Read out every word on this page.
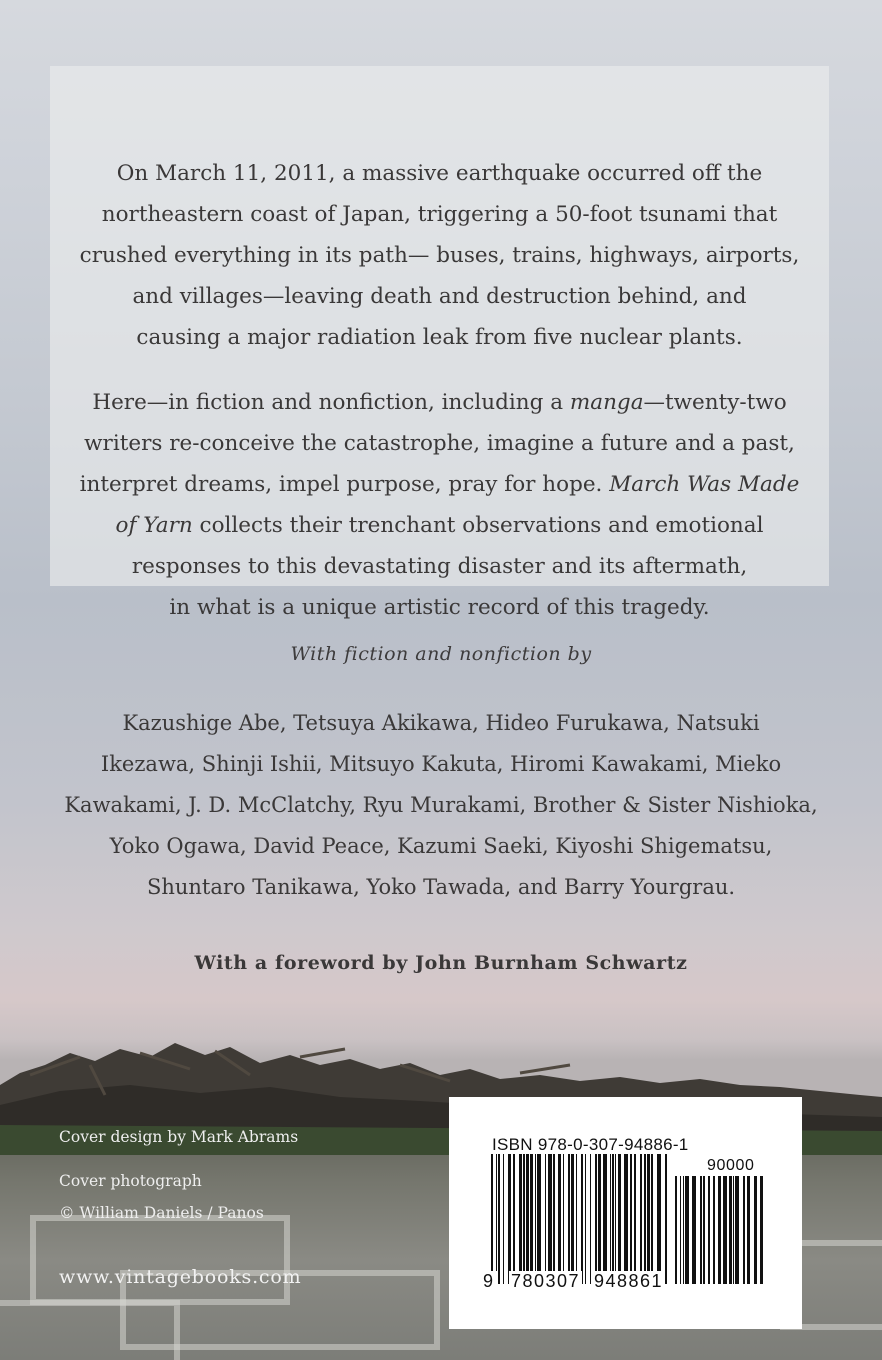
On March 11, 2011, a massive earthquake occurred off the
northeastern coast of Japan, triggering a 50-foot tsunami that
crushed everything in its path— buses, trains, highways, airports,
and villages—leaving death and destruction behind, and
causing a major radiation leak from five nuclear plants.
Here—in fiction and nonfiction, including a manga—twenty-two
writers re-conceive the catastrophe, imagine a future and a past,
interpret dreams, impel purpose, pray for hope. March Was Made
of Yarn collects their trenchant observations and emotional
responses to this devastating disaster and its aftermath,
in what is a unique artistic record of this tragedy.
With fiction and nonfiction by
Kazushige Abe, Tetsuya Akikawa, Hideo Furukawa, Natsuki
Ikezawa, Shinji Ishii, Mitsuyo Kakuta, Hiromi Kawakami, Mieko
Kawakami, J. D. McClatchy, Ryu Murakami, Brother & Sister Nishioka,
Yoko Ogawa, David Peace, Kazumi Saeki, Kiyoshi Shigematsu,
Shuntaro Tanikawa, Yoko Tawada, and Barry Yourgrau.
With a foreword by John Burnham Schwartz
Cover design by Mark Abrams
Cover photograph
© William Daniels / Panos
www.vintagebooks.com
ISBN 978-0-307-94886-1
90000
9 780307 948861
